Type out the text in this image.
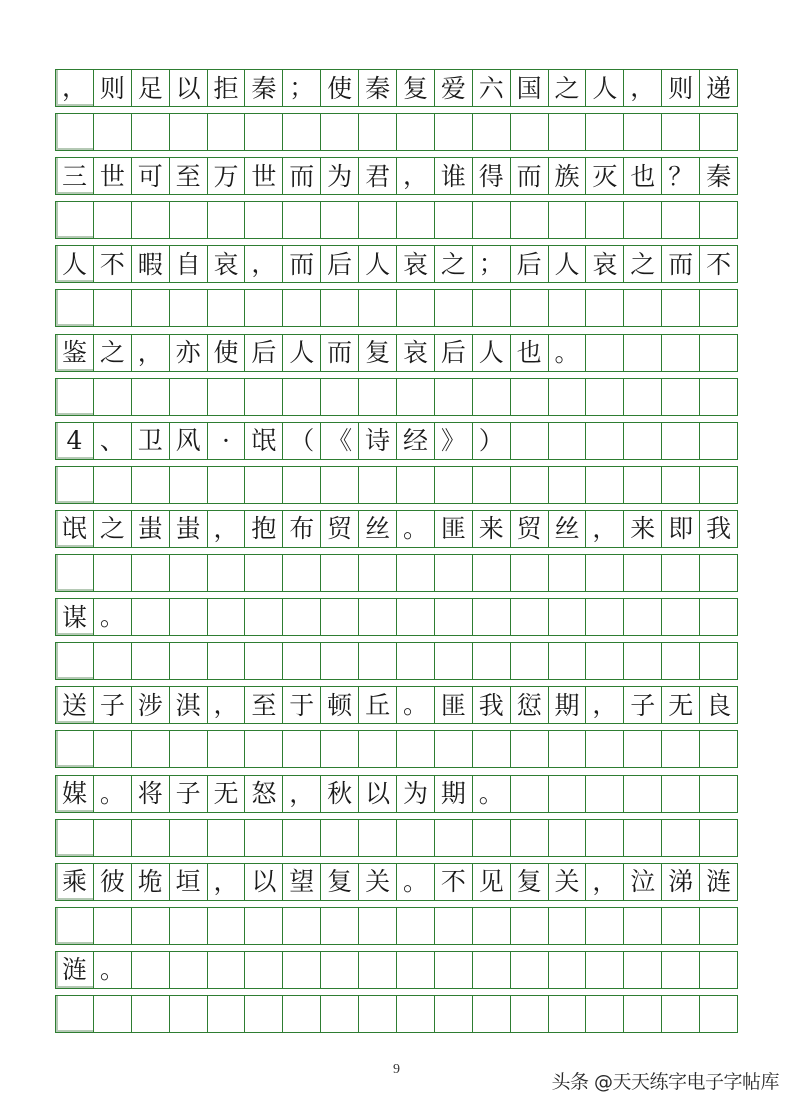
， 则 足 以 拒 秦 ； 使 秦 复 爱 六 国 之 人 ， 则 递
三 世 可 至 万 世 而 为 君 ， 谁 得 而 族 灭 也 ？ 秦
人 不 暇 自 哀 ， 而 后 人 哀 之 ； 后 人 哀 之 而 不
鉴 之 ， 亦 使 后 人 而 复 哀 后 人 也 。
4 、 卫 风 · 氓 （ 《 诗 经 》 ）
氓 之 蚩 蚩 ， 抱 布 贸 丝 。 匪 来 贸 丝 ， 来 即 我
谋 。
送 子 涉 淇 ， 至 于 顿 丘 。 匪 我 愆 期 ， 子 无 良
媒 。 将 子 无 怒 ， 秋 以 为 期 。
乘 彼 垝 垣 ， 以 望 复 关 。 不 见 复 关 ， 泣 涕 涟
涟 。
9
头条 @天天练字电子字帖库
